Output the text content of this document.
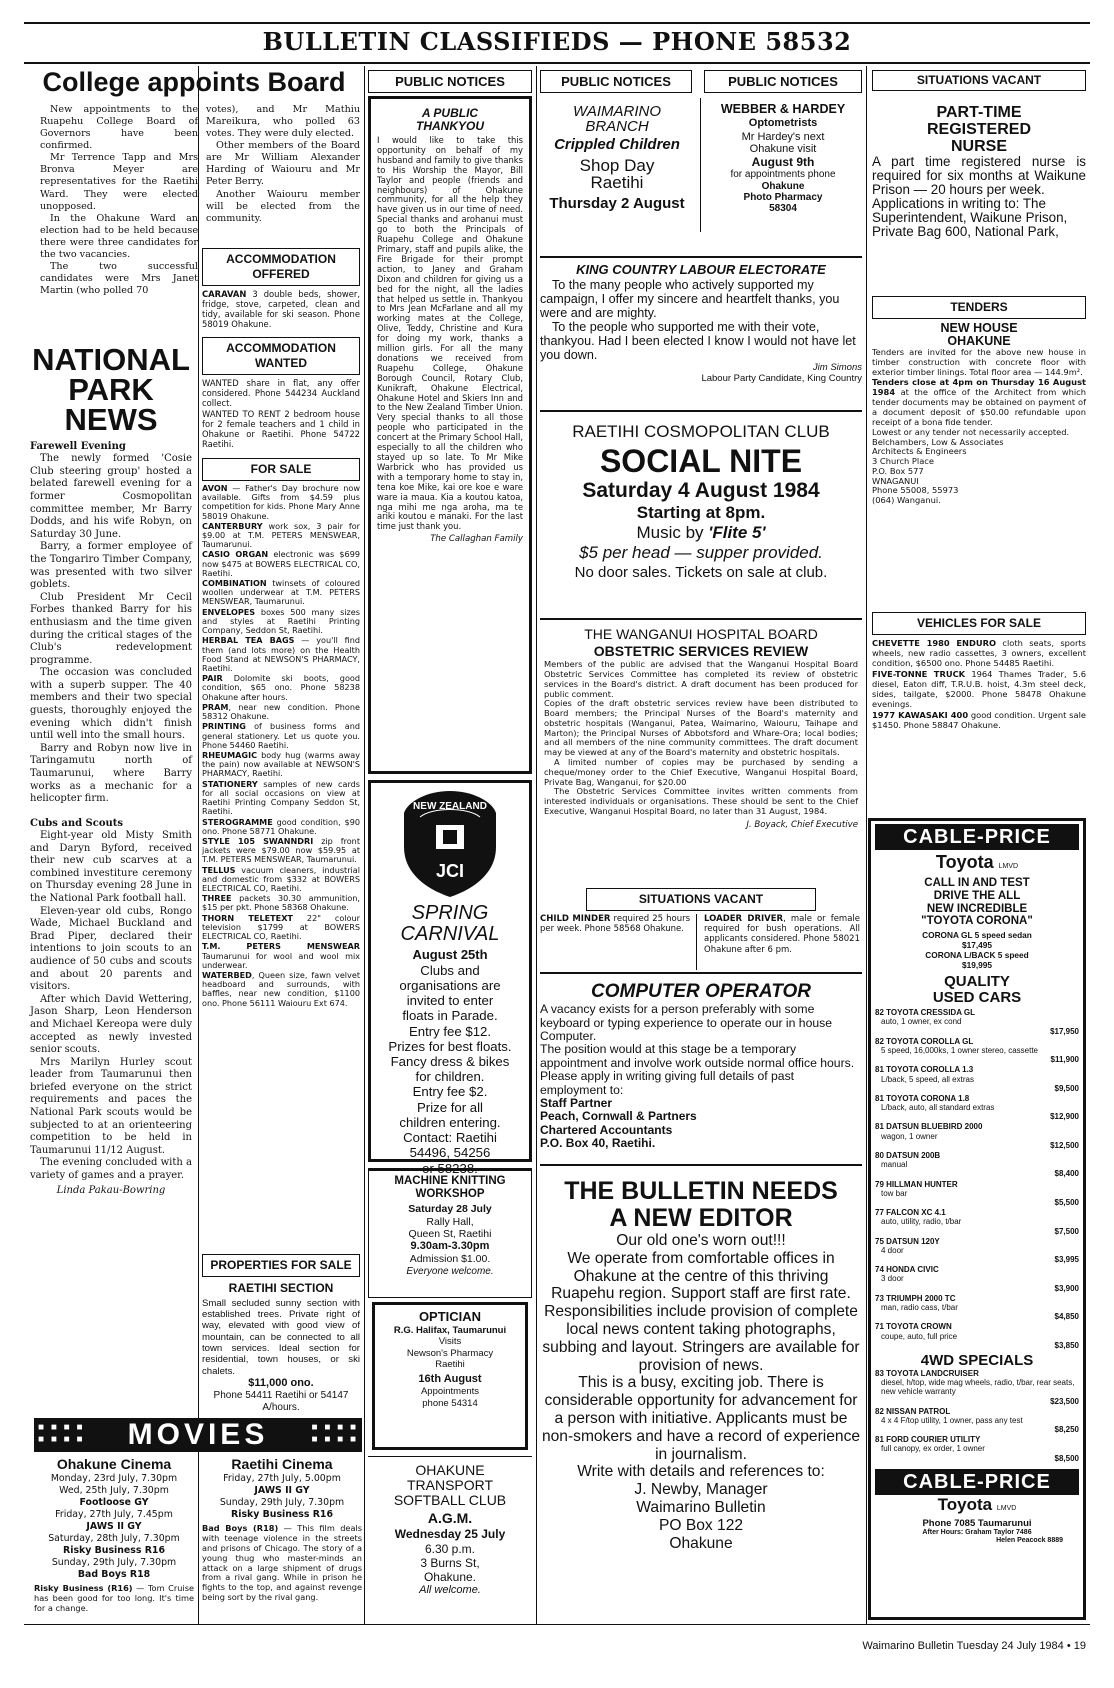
BULLETIN CLASSIFIEDS — PHONE 58532
College appoints Board

New appointments to the Ruapehu College Board of Governors have been confirmed.

Mr Terrence Tapp and Mrs Bronva Meyer are representatives for the Raetihi Ward. They were elected unopposed.

In the Ohakune Ward an election had to be held because there were three candidates for the two vacancies.

The two successful candidates were Mrs Janet Martin (who polled 70

votes), and Mr Mathiu Mareikura, who polled 63 votes. They were duly elected.

Other members of the Board are Mr William Alexander Harding of Waiouru and Mr Peter Berry.

Another Waiouru member will be elected from the community.

NATIONAL
PARK
NEWS
Farewell Evening

The newly formed 'Cosie Club steering group' hosted a belated farewell evening for a former Cosmopolitan committee member, Mr Barry Dodds, and his wife Robyn, on Saturday 30 June.

Barry, a former employee of the Tongariro Timber Company, was presented with two silver goblets.

Club President Mr Cecil Forbes thanked Barry for his enthusiasm and the time given during the critical stages of the Club's redevelopment programme.

The occasion was concluded with a superb supper. The 40 members and their two special guests, thoroughly enjoyed the evening which didn't finish until well into the small hours.

Barry and Robyn now live in Taringamutu north of Taumarunui, where Barry works as a mechanic for a helicopter firm.

Cubs and Scouts

Eight-year old Misty Smith and Daryn Byford, received their new cub scarves at a combined investiture ceremony on Thursday evening 28 June in the National Park football hall.

Eleven-year old cubs, Rongo Wade, Michael Buckland and Brad Piper, declared their intentions to join scouts to an audience of 50 cubs and scouts and about 20 parents and visitors.

After which David Wettering, Jason Sharp, Leon Henderson and Michael Kereopa were duly accepted as newly invested senior scouts.

Mrs Marilyn Hurley scout leader from Taumarunui then briefed everyone on the strict requirements and paces the National Park scouts would be subjected to at an orienteering competition to be held in Taumarunui 11/12 August.

The evening concluded with a variety of games and a prayer.

Linda Pakau-Bowring
ACCOMMODATION OFFERED
CARAVAN 3 double beds, shower, fridge, stove, carpeted, clean and tidy, available for ski season. Phone 58019 Ohakune.
ACCOMMODATION WANTED
WANTED share in flat, any offer considered. Phone 544234 Auckland collect.
WANTED TO RENT 2 bedroom house for 2 female teachers and 1 child in Ohakune or Raetihi. Phone 54722 Raetihi.
FOR SALE
AVON — Father's Day brochure now available. Gifts from $4.59 plus competition for kids. Phone Mary Anne 58019 Ohakune.
CANTERBURY work sox, 3 pair for $9.00 at T.M. PETERS MENSWEAR, Taumarunui.
CASIO ORGAN electronic was $699 now $475 at BOWERS ELECTRICAL CO, Raetihi.
COMBINATION twinsets of coloured woollen underwear at T.M. PETERS MENSWEAR, Taumarunui.
ENVELOPES boxes 500 many sizes and styles at Raetihi Printing Company, Seddon St, Raetihi.
HERBAL TEA BAGS — you'll find them (and lots more) on the Health Food Stand at NEWSON'S PHARMACY, Raetihi.
PAIR Dolomite ski boots, good condition, $65 ono. Phone 58238 Ohakune after hours.
PRAM, near new condition. Phone 58312 Ohakune.
PRINTING of business forms and general stationery. Let us quote you. Phone 54460 Raetihi.
RHEUMAGIC body hug (warms away the pain) now available at NEWSON'S PHARMACY, Raetihi.
STATIONERY samples of new cards for all social occasions on view at Raetihi Printing Company Seddon St, Raetihi.
STEROGRAMME good condition, $90 ono. Phone 58771 Ohakune.
STYLE 105 SWANNDRI zip front jackets were $79.00 now $59.95 at T.M. PETERS MENSWEAR, Taumarunui.
TELLUS vacuum cleaners, industrial and domestic from $332 at BOWERS ELECTRICAL CO, Raetihi.
THREE packets 30.30 ammunition, $15 per pkt. Phone 58368 Ohakune.
THORN TELETEXT 22" colour television $1799 at BOWERS ELECTRICAL CO, Raetihi.
T.M. PETERS MENSWEAR Taumarunui for wool and wool mix underwear.
WATERBED, Queen size, fawn velvet headboard and surrounds, with baffles, near new condition, $1100 ono. Phone 56111 Waiouru Ext 674.
PROPERTIES FOR SALE
RAETIHI SECTION
Small secluded sunny section with established trees. Private right of way, elevated with good view of mountain, can be connected to all town services. Ideal section for residential, town houses, or ski chalets.
$11,000 ono.
Phone 54411 Raetihi or 54147 A/hours.
■ ■ ■ ■
■ ■ ■ ■ MOVIES	■ ■ ■ ■
■ ■ ■ ■
Ohakune Cinema
Monday, 23rd July, 7.30pm
Wed, 25th July, 7.30pm
Footloose GY
Friday, 27th July, 7.45pm
JAWS II GY
Saturday, 28th July, 7.30pm
Risky Business R16
Sunday, 29th July, 7.30pm
Bad Boys R18
Risky Business (R16) — Tom Cruise has been good for too long. It's time for a change.
Raetihi Cinema
Friday, 27th July, 5.00pm
JAWS II GY
Sunday, 29th July, 7.30pm
Risky Business R16
Bad Boys (R18) — This film deals with teenage violence in the streets and prisons of Chicago. The story of a young thug who master-minds an attack on a large shipment of drugs from a rival gang. While in prison he fights to the top, and against revenge being sort by the rival gang.
PUBLIC NOTICES
A PUBLIC
THANKYOU
I would like to take this opportunity on behalf of my husband and family to give thanks to His Worship the Mayor, Bill Taylor and people (friends and neighbours) of Ohakune community, for all the help they have given us in our time of need. Special thanks and arohanui must go to both the Principals of Ruapehu College and Ohakune Primary, staff and pupils alike, the Fire Brigade for their prompt action, to Janey and Graham Dixon and children for giving us a bed for the night, all the ladies that helped us settle in. Thankyou to Mrs Jean McFarlane and all my working mates at the College, Olive, Teddy, Christine and Kura for doing my work, thanks a million girls. For all the many donations we received from Ruapehu College, Ohakune Borough Council, Rotary Club, Kunikraft, Ohakune Electrical, Ohakune Hotel and Skiers Inn and to the New Zealand Timber Union. Very special thanks to all those people who participated in the concert at the Primary School Hall, especially to all the children who stayed up so late. To Mr Mike Warbrick who has provided us with a temporary home to stay in, tena koe Mike, kai ore koe e ware ware ia maua. Kia a koutou katoa, nga mihi me nga aroha, ma te ariki koutou e manaki. For the last time just thank you.
The Callaghan Family
NEW ZEALAND
JCI
SPRING CARNIVAL
August 25th
Clubs and
organisations are
invited to enter
floats in Parade.
Entry fee $12.
Prizes for best floats.
Fancy dress & bikes
for children.
Entry fee $2.
Prize for all
children entering.
Contact: Raetihi
54496, 54256
or 58238.
MACHINE KNITTING WORKSHOP
Saturday 28 July
Rally Hall,
Queen St, Raetihi
9.30am-3.30pm
Admission $1.00.
Everyone welcome.
OPTICIAN
R.G. Halifax, Taumarunui
Visits
Newson's Pharmacy
Raetihi
16th August
Appointments
phone 54314
OHAKUNE
TRANSPORT
SOFTBALL CLUB
A.G.M.
Wednesday 25 July
6.30 p.m.
3 Burns St,
Ohakune.
All welcome.
PUBLIC NOTICES	PUBLIC NOTICES
WAIMARINO
BRANCH
Crippled Children
Shop Day
Raetihi
Thursday 2 August
WEBBER & HARDEY
Optometrists
Mr Hardey's next
Ohakune visit
August 9th
for appointments phone
Ohakune
Photo Pharmacy
58304
KING COUNTRY LABOUR ELECTORATE
To the many people who actively supported my campaign, I offer my sincere and heartfelt thanks, you were and are mighty.
To the people who supported me with their vote, thankyou. Had I been elected I know I would not have let you down.
Jim Simons
Labour Party Candidate, King Country
RAETIHI COSMOPOLITAN CLUB
SOCIAL NITE
Saturday 4 August 1984
Starting at 8pm.
Music by 'Flite 5'
$5 per head — supper provided.
No door sales. Tickets on sale at club.
THE WANGANUI HOSPITAL BOARD
OBSTETRIC SERVICES REVIEW

Members of the public are advised that the Wanganui Hospital Board Obstetric Services Committee has completed its review of obstetric services in the Board's district. A draft document has been produced for public comment.

Copies of the draft obstetric services review have been distributed to Board members; the Principal Nurses of the Board's maternity and obstetric hospitals (Wanganui, Patea, Waimarino, Waiouru, Taihape and Marton); the Principal Nurses of Abbotsford and Whare-Ora; local bodies; and all members of the nine community committees. The draft document may be viewed at any of the Board's maternity and obstetric hospitals.

A limited number of copies may be purchased by sending a cheque/money order to the Chief Executive, Wanganui Hospital Board, Private Bag, Wanganui, for $20.00

The Obstetric Services Committee invites written comments from interested individuals or organisations. These should be sent to the Chief Executive, Wanganui Hospital Board, no later than 31 August, 1984.

J. Boyack, Chief Executive
SITUATIONS VACANT
CHILD MINDER required 25 hours per week. Phone 58568 Ohakune.
LOADER DRIVER, male or female required for bush operations. All applicants considered. Phone 58021 Ohakune after 6 pm.
COMPUTER OPERATOR
A vacancy exists for a person preferably with some keyboard or typing experience to operate our in house Computer.
The position would at this stage be a temporary appointment and involve work outside normal office hours.
Please apply in writing giving full details of past employment to:
Staff Partner
Peach, Cornwall & Partners
Chartered Accountants
P.O. Box 40, Raetihi.
THE BULLETIN NEEDS
A NEW EDITOR
Our old one's worn out!!!
We operate from comfortable offices in Ohakune at the centre of this thriving Ruapehu region. Support staff are first rate.
Responsibilities include provision of complete local news content taking photographs, subbing and layout. Stringers are available for provision of news.
This is a busy, exciting job. There is considerable opportunity for advancement for a person with initiative. Applicants must be non-smokers and have a record of experience in journalism.
Write with details and references to:
J. Newby, Manager
Waimarino Bulletin
PO Box 122
Ohakune
SITUATIONS VACANT
PART-TIME
REGISTERED
NURSE
A part time registered nurse is required for six months at Waikune Prison — 20 hours per week.
Applications in writing to: The Superintendent, Waikune Prison, Private Bag 600, National Park,
TENDERS
NEW HOUSE
OHAKUNE
Tenders are invited for the above new house in timber construction with concrete floor with exterior timber linings. Total floor area — 144.9m².
Tenders close at 4pm on Thursday 16 August 1984 at the office of the Architect from which tender documents may be obtained on payment of a document deposit of $50.00 refundable upon receipt of a bona fide tender.
Lowest or any tender not necessarily accepted.
Belchambers, Low & Associates
Architects & Engineers
3 Church Place
P.O. Box 577
WNAGANUI
Phone 55008, 55973
(064) Wanganui.
VEHICLES FOR SALE
CHEVETTE 1980 ENDURO cloth seats, sports wheels, new radio cassettes, 3 owners, excellent condition, $6500 ono. Phone 54485 Raetihi.
FIVE-TONNE TRUCK 1964 Thames Trader, 5.6 diesel, Eaton diff, T.R.U.B. hoist, 4.3m steel deck, sides, tailgate, $2000. Phone 58478 Ohakune evenings.
1977 KAWASAKI 400 good condition. Urgent sale $1450. Phone 58847 Ohakune.
CABLE-PRICE
Toyota LMVD
CALL IN AND TEST
DRIVE THE ALL
NEW INCREDIBLE
"TOYOTA CORONA"
CORONA GL 5 speed sedan
$17,495
CORONA L/BACK 5 speed
$19,995
QUALITY
USED CARS
82 TOYOTA CRESSIDA GL
auto, 1 owner, ex cond
$17,950
82 TOYOTA COROLLA GL
5 speed, 16,000ks, 1 owner stereo, cassette
$11,900
81 TOYOTA COROLLA 1.3
L/back, 5 speed, all extras
$9,500
81 TOYOTA CORONA 1.8
L/back, auto, all standard extras
$12,900
81 DATSUN BLUEBIRD 2000
wagon, 1 owner
$12,500
80 DATSUN 200B
manual
$8,400
79 HILLMAN HUNTER
tow bar
$5,500
77 FALCON XC 4.1
auto, utility, radio, t/bar
$7,500
75 DATSUN 120Y
4 door
$3,995
74 HONDA CIVIC
3 door
$3,900
73 TRIUMPH 2000 TC
man, radio cass, t/bar
$4,850
71 TOYOTA CROWN
coupe, auto, full price
$3,850
4WD SPECIALS
83 TOYOTA LANDCRUISER
diesel, h/top, wide mag wheels, radio, t/bar, rear seats, new vehicle warranty
$23,500
82 NISSAN PATROL
4 x 4 F/top utility, 1 owner, pass any test
$8,250
81 FORD COURIER UTILITY
full canopy, ex order, 1 owner
$8,500
CABLE-PRICE
Toyota LMVD
Phone 7085 Taumarunui
After Hours: Graham Taylor 7486
Helen Peacock 8889
Waimarino Bulletin Tuesday 24 July 1984 • 19
